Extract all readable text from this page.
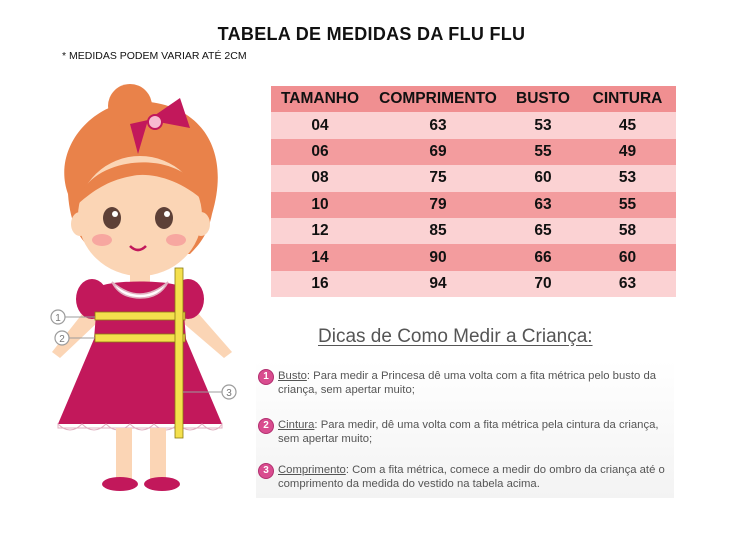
TABELA DE MEDIDAS DA FLU FLU
* MEDIDAS PODEM VARIAR ATÉ 2CM
TAMANHO	COMPRIMENTO	BUSTO	CINTURA
04	63	53	45
06	69	55	49
08	75	60	53
10	79	63	55
12	85	65	58
14	90	66	60
16	94	70	63
1
2
3
Dicas de Como Medir a Criança:
1 Busto: Para medir a Princesa dê uma volta com a fita métrica pelo busto da criança, sem apertar muito;
2 Cintura: Para medir, dê uma volta com a fita métrica pela cintura da criança, sem apertar muito;
3 Comprimento: Com a fita métrica, comece a medir do ombro da criança até o comprimento da medida do vestido na tabela acima.
